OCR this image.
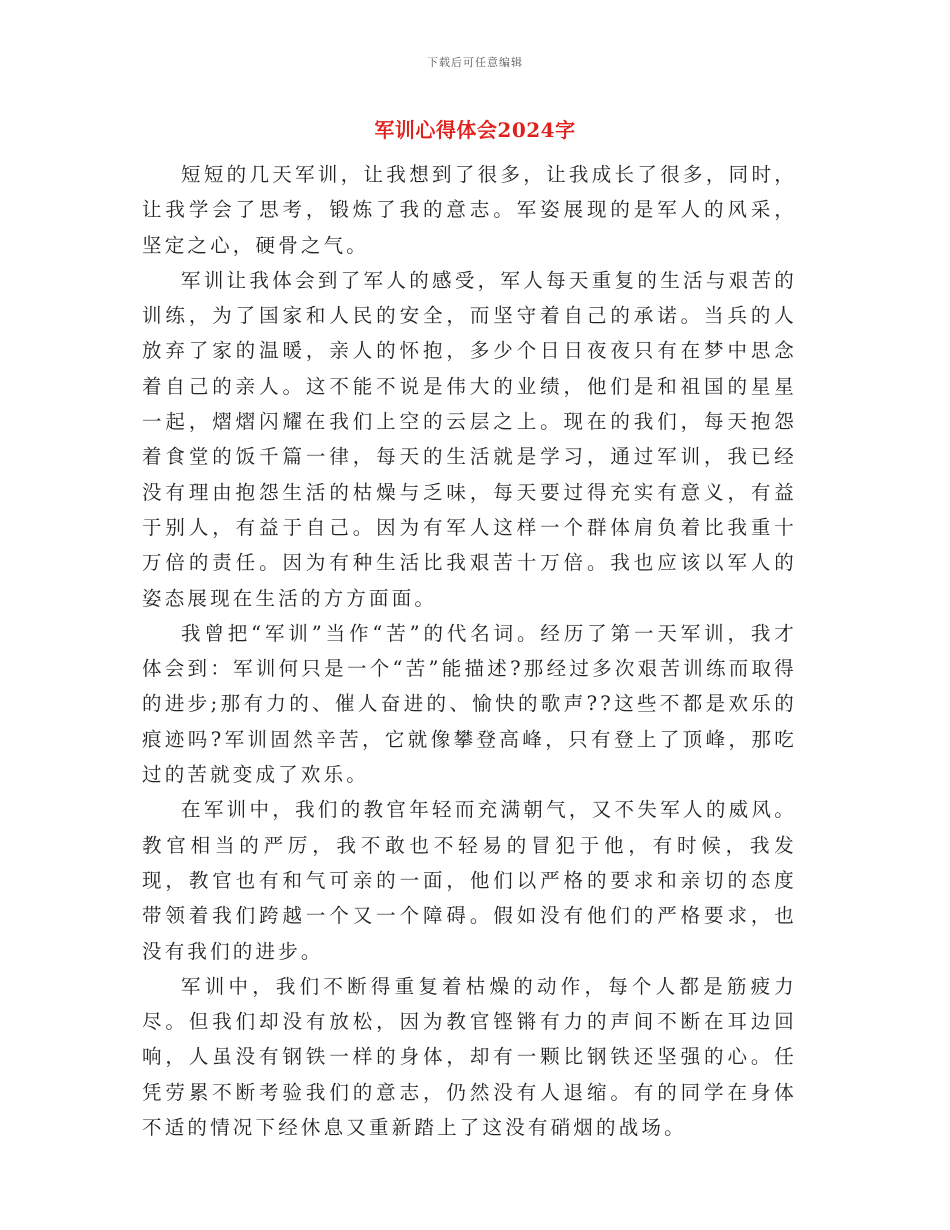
下载后可任意编辑
军训心得体会2024字

短短的几天军训，让我想到了很多，让我成长了很多，同时，让我学会了思考，锻炼了我的意志。军姿展现的是军人的风采，坚定之心，硬骨之气。

军训让我体会到了军人的感受，军人每天重复的生活与艰苦的训练，为了国家和人民的安全，而坚守着自己的承诺。当兵的人放弃了家的温暖，亲人的怀抱，多少个日日夜夜只有在梦中思念着自己的亲人。这不能不说是伟大的业绩，他们是和祖国的星星一起，熠熠闪耀在我们上空的云层之上。现在的我们，每天抱怨着食堂的饭千篇一律，每天的生活就是学习，通过军训，我已经没有理由抱怨生活的枯燥与乏味，每天要过得充实有意义，有益于别人，有益于自己。因为有军人这样一个群体肩负着比我重十万倍的责任。因为有种生活比我艰苦十万倍。我也应该以军人的姿态展现在生活的方方面面。

我曾把“军训”当作“苦”的代名词。经历了第一天军训，我才体会到：军训何只是一个“苦”能描述?那经过多次艰苦训练而取得的进步;那有力的、催人奋进的、愉快的歌声??这些不都是欢乐的痕迹吗?军训固然辛苦，它就像攀登高峰，只有登上了顶峰，那吃过的苦就变成了欢乐。

在军训中，我们的教官年轻而充满朝气，又不失军人的威风。教官相当的严厉，我不敢也不轻易的冒犯于他，有时候，我发现，教官也有和气可亲的一面，他们以严格的要求和亲切的态度带领着我们跨越一个又一个障碍。假如没有他们的严格要求，也没有我们的进步。

军训中，我们不断得重复着枯燥的动作，每个人都是筋疲力尽。但我们却没有放松，因为教官铿锵有力的声间不断在耳边回响，人虽没有钢铁一样的身体，却有一颗比钢铁还坚强的心。任凭劳累不断考验我们的意志，仍然没有人退缩。有的同学在身体不适的情况下经休息又重新踏上了这没有硝烟的战场。
